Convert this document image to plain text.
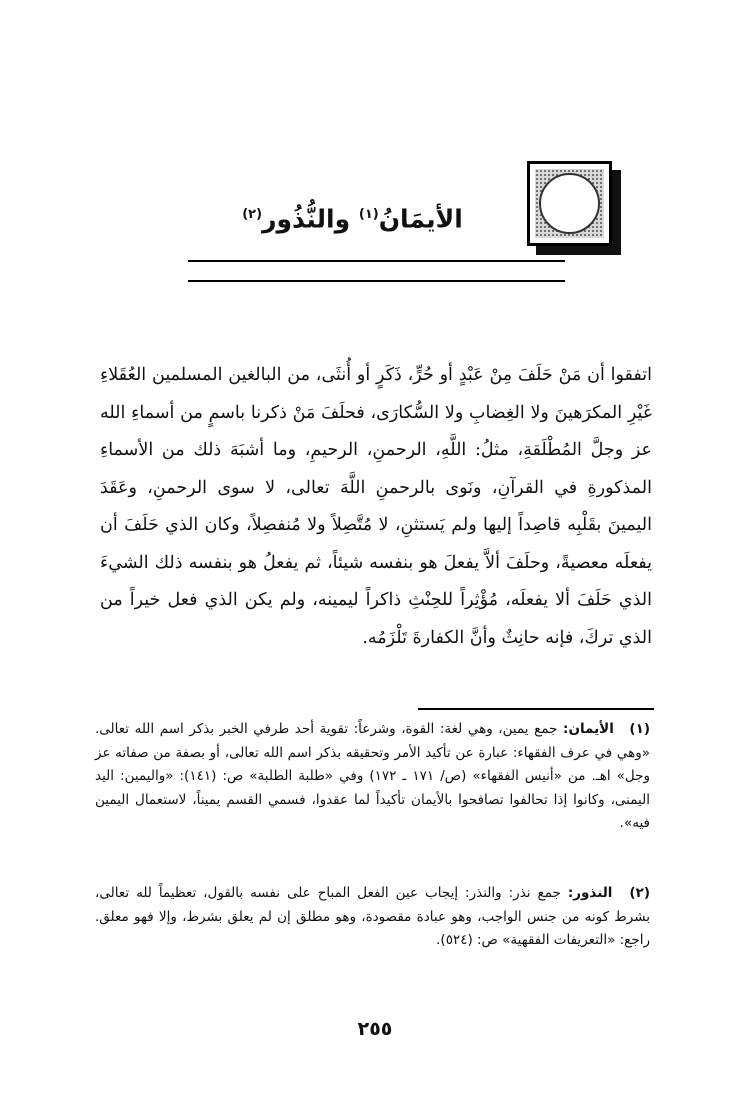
الأيمَانُ$^{(١)}$ والنُّذُور$^{(٢)}$
اتفقوا أن مَنْ حَلَفَ مِنْ عَبْدٍ أو حُرٍّ، ذَكَرٍ أو أُنثَى، من البالغين المسلمين العُقَلاءِ غَيْرِ المكرَهينَ ولا الغِضابِ ولا السُّكارَى، فحلَفَ مَنْ ذكرنا باسمٍ من أسماءِ الله عز وجلَّ المُطْلَقةِ، مثلُ: اللَّهِ، الرحمنِ، الرحيمِ، وما أشبَهَ ذلك من الأسماءِ المذكورةِ في القرآنِ، ونَوى بالرحمنِ اللَّهَ تعالى، لا سوى الرحمنِ، وعَقَدَ اليمينَ بقَلْبِه قاصِداً إليها ولم يَستثنِ، لا مُتَّصِلاً ولا مُنفصِلاً، وكان الذي حَلَفَ أن يفعلَه معصيةً، وحلَفَ ألاَّ يفعلَ هو بنفسه شيئاً، ثم يفعلُ هو بنفسه ذلك الشيءَ الذي حَلَفَ ألا يفعلَه، مُؤْثِراً للحِنْثِ ذاكراً ليمينه، ولم يكن الذي فعل خيراً من الذي تركَ، فإنه حانِثٌ وأنَّ الكفارةَ تَلْزَمُه.
(١) الأيمان: جمع يمين، وهي لغة: القوة، وشرعاً: تقوية أحد طرفي الخبر بذكر اسم الله تعالى. «وهي في عرف الفقهاء: عبارة عن تأكيد الأمر وتحقيقه بذكر اسم الله تعالى، أو بصفة من صفاته عز وجل» اهـ. من «أنيس الفقهاء» (ص/ ١٧١ ـ ١٧٢) وفي «طلبة الطلبة» ص: (١٤١): «واليمين: اليد اليمنى، وكانوا إذا تحالفوا تصافحوا بالأيمان تأكيداً لما عقدوا، فسمي القسم يميناً، لاستعمال اليمين فيه».
(٢) النذور: جمع نذر: والنذر: إيجاب عين الفعل المباح على نفسه بالقول، تعظيماً لله تعالى، بشرط كونه من جنس الواجب، وهو عبادة مقصودة، وهو مطلق إن لم يعلق بشرط، وإلا فهو معلق. راجع: «التعريفات الفقهية» ص: (٥٢٤).
٢٥٥
